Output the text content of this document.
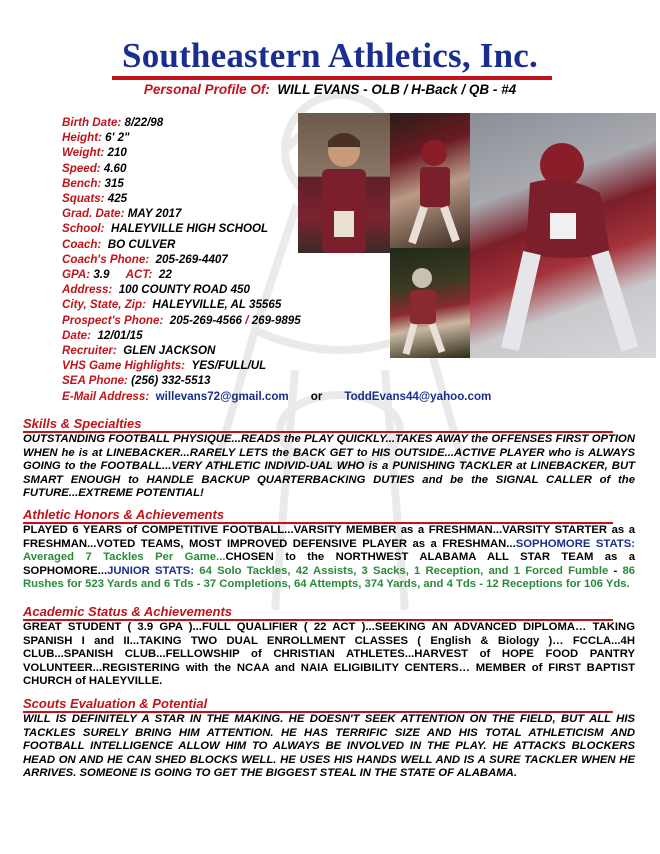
Southeastern Athletics, Inc.
Personal Profile Of: WILL EVANS - OLB / H-Back / QB - #4
Birth Date: 8/22/98
Height: 6' 2"
Weight: 210
Speed: 4.60
Bench: 315
Squats: 425
Grad. Date: MAY 2017
School: HALEYVILLE HIGH SCHOOL
Coach: BO CULVER
Coach's Phone: 205-269-4407
GPA: 3.9 ACT: 22
Address: 100 COUNTY ROAD 450
City, State, Zip: HALEYVILLE, AL 35565
Prospect's Phone: 205-269-4566 / 269-9895
Date: 12/01/15
Recruiter: GLEN JACKSON
VHS Game Highlights: YES/FULL/UL
SEA Phone: (256) 332-5513
E-Mail Address: willevans72@gmail.com or ToddEvans44@yahoo.com
Skills & Specialties
OUTSTANDING FOOTBALL PHYSIQUE...READS the PLAY QUICKLY...TAKES AWAY the OFFENSES FIRST OPTION WHEN he is at LINEBACKER...RARELY LETS the BACK GET to HIS OUTSIDE...ACTIVE PLAYER who is ALWAYS GOING to the FOOTBALL...VERY ATHLETIC INDIVID-UAL WHO is a PUNISHING TACKLER at LINEBACKER, BUT SMART ENOUGH to HANDLE BACKUP QUARTERBACKING DUTIES and be the SIGNAL CALLER of the FUTURE...EXTREME POTENTIAL!
Athletic Honors & Achievements
PLAYED 6 YEARS of COMPETITIVE FOOTBALL...VARSITY MEMBER as a FRESHMAN...VARSITY STARTER as a FRESHMAN...VOTED TEAMS, MOST IMPROVED DEFENSIVE PLAYER as a FRESHMAN...SOPHOMORE STATS: Averaged 7 Tackles Per Game...CHOSEN to the NORTHWEST ALABAMA ALL STAR TEAM as a SOPHOMORE...JUNIOR STATS: 64 Solo Tackles, 42 Assists, 3 Sacks, 1 Reception, and 1 Forced Fumble - 86 Rushes for 523 Yards and 6 Tds - 37 Completions, 64 Attempts, 374 Yards, and 4 Tds - 12 Receptions for 106 Yds.
Academic Status & Achievements
GREAT STUDENT ( 3.9 GPA )...FULL QUALIFIER ( 22 ACT )...SEEKING AN ADVANCED DIPLOMA… TAKING SPANISH I and II...TAKING TWO DUAL ENROLLMENT CLASSES ( English & Biology )… FCCLA...4H CLUB...SPANISH CLUB...FELLOWSHIP of CHRISTIAN ATHLETES...HARVEST of HOPE FOOD PANTRY VOLUNTEER...REGISTERING with the NCAA and NAIA ELIGIBILITY CENTERS… MEMBER of FIRST BAPTIST CHURCH of HALEYVILLE.
Scouts Evaluation & Potential
WILL IS DEFINITELY A STAR IN THE MAKING. HE DOESN'T SEEK ATTENTION ON THE FIELD, BUT ALL HIS TACKLES SURELY BRING HIM ATTENTION. HE HAS TERRIFIC SIZE AND HIS TOTAL ATHLETICISM AND FOOTBALL INTELLIGENCE ALLOW HIM TO ALWAYS BE INVOLVED IN THE PLAY. HE ATTACKS BLOCKERS HEAD ON AND HE CAN SHED BLOCKS WELL. HE USES HIS HANDS WELL AND IS A SURE TACKLER WHEN HE ARRIVES. SOMEONE IS GOING TO GET THE BIGGEST STEAL IN THE STATE OF ALABAMA.
